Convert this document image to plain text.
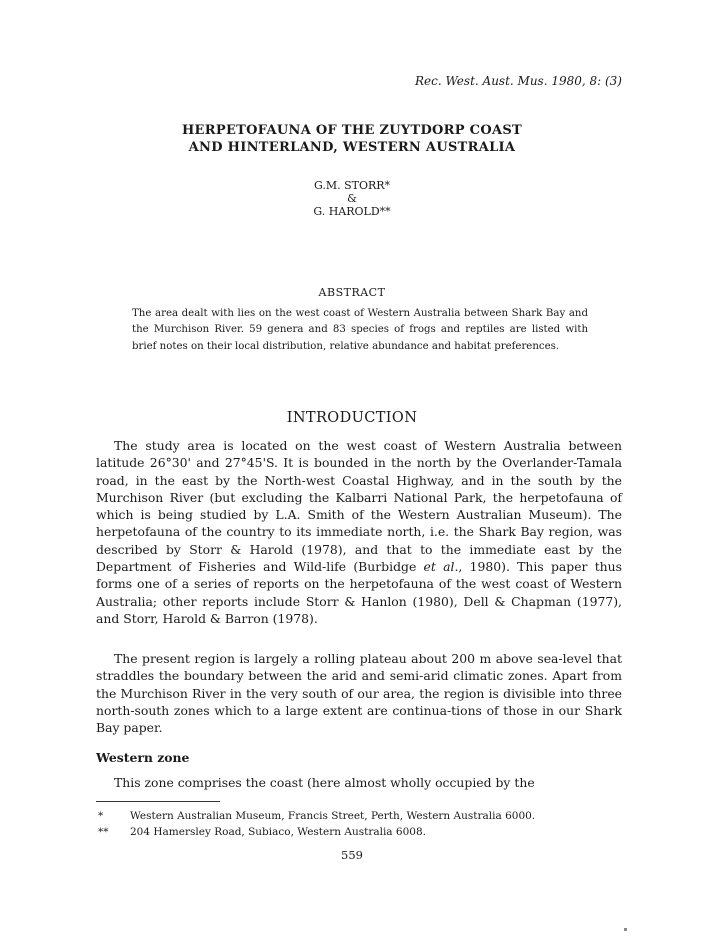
Rec. West. Aust. Mus. 1980, 8: (3)
HERPETOFAUNA OF THE ZUYTDORP COAST
AND HINTERLAND, WESTERN AUSTRALIA
G.M. STORR*
&
G. HAROLD**
ABSTRACT
The area dealt with lies on the west coast of Western Australia between Shark Bay and the Murchison River. 59 genera and 83 species of frogs and reptiles are listed with brief notes on their local distribution, relative abundance and habitat preferences.
INTRODUCTION

The study area is located on the west coast of Western Australia between latitude 26°30' and 27°45'S. It is bounded in the north by the Overlander-Tamala road, in the east by the North-west Coastal Highway, and in the south by the Murchison River (but excluding the Kalbarri National Park, the herpetofauna of which is being studied by L.A. Smith of the Western Australian Museum). The herpetofauna of the country to its immediate north, i.e. the Shark Bay region, was described by Storr & Harold (1978), and that to the immediate east by the Department of Fisheries and Wild-life (Burbidge et al., 1980). This paper thus forms one of a series of reports on the herpetofauna of the west coast of Western Australia; other reports include Storr & Hanlon (1980), Dell & Chapman (1977), and Storr, Harold & Barron (1978).

The present region is largely a rolling plateau about 200 m above sea-level that straddles the boundary between the arid and semi-arid climatic zones. Apart from the Murchison River in the very south of our area, the region is divisible into three north-south zones which to a large extent are continua-tions of those in our Shark Bay paper.

Western zone

This zone comprises the coast (here almost wholly occupied by the

*	Western Australian Museum, Francis Street, Perth, Western Australia 6000.
**	204 Hamersley Road, Subiaco, Western Australia 6008.
559
